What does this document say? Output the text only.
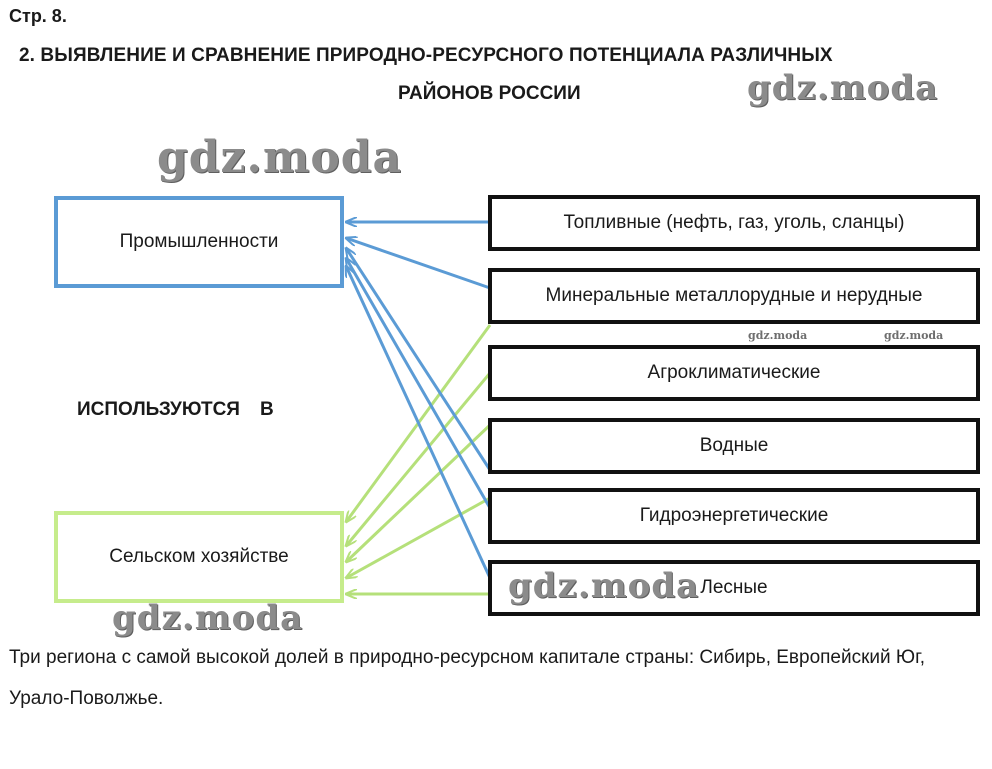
Стр. 8.
2. ВЫЯВЛЕНИЕ И СРАВНЕНИЕ ПРИРОДНО-РЕСУРСНОГО ПОТЕНЦИАЛА РАЗЛИЧНЫХ
РАЙОНОВ РОССИИ
Промышленности
Сельском хозяйстве
ИСПОЛЬЗУЮТСЯ В
Топливные (нефть, газ, уголь, сланцы)
Минеральные металлорудные и нерудные
Агроклиматические
Водные
Гидроэнергетические
Лесные
Три региона с самой высокой долей в природно-ресурсном капитале страны: Сибирь, Европейский Юг, Урало-Поволжье.
gdz.moda
gdz.moda
gdz.moda	gdz.moda
gdz.moda
gdz.moda
